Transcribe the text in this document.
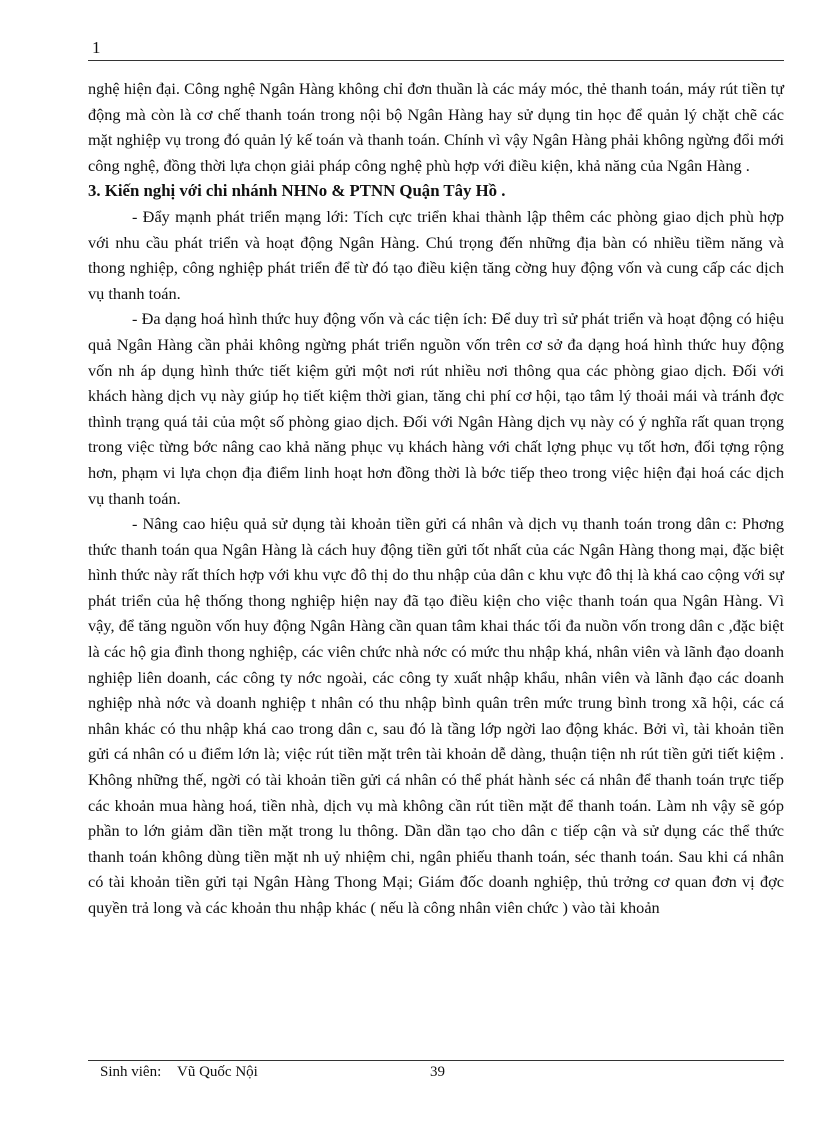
1

nghệ hiện đại. Công nghệ Ngân Hàng không chỉ đơn thuần là các máy móc, thẻ thanh toán, máy rút tiền tự động mà còn là cơ chế thanh toán trong nội bộ Ngân Hàng hay sử dụng tin học để quản lý chặt chẽ các mặt nghiệp vụ trong đó quản lý kế toán và thanh toán. Chính vì vậy Ngân Hàng phải không ngừng đổi mới công nghệ, đồng thời lựa chọn giải pháp công nghệ phù hợp với điều kiện, khả năng của Ngân Hàng .

3. Kiến nghị với chi nhánh NHNo & PTNN Quận Tây Hồ .

- Đẩy mạnh phát triển mạng lới: Tích cực triển khai thành lập thêm các phòng giao dịch phù hợp với nhu cầu phát triển và hoạt động Ngân Hàng. Chú trọng đến những địa bàn có nhiều tiềm năng và thong nghiệp, công nghiệp phát triển để từ đó tạo điều kiện tăng cờng huy động vốn và cung cấp các dịch vụ thanh toán.

- Đa dạng hoá hình thức huy động vốn và các tiện ích: Để duy trì sử phát triển và hoạt động có hiệu quả Ngân Hàng cần phải không ngừng phát triển nguồn vốn trên cơ sở đa dạng hoá hình thức huy động vốn nh áp dụng hình thức tiết kiệm gửi một nơi rút nhiều nơi thông qua các phòng giao dịch. Đối với khách hàng dịch vụ này giúp họ tiết kiệm thời gian, tăng chi phí cơ hội, tạo tâm lý thoải mái và tránh đợc thình trạng quá tải của một số phòng giao dịch. Đối với Ngân Hàng dịch vụ này có ý nghĩa rất quan trọng trong việc từng bớc nâng cao khả năng phục vụ khách hàng với chất lợng phục vụ tốt hơn, đối tợng rộng hơn, phạm vi lựa chọn địa điểm linh hoạt hơn đồng thời là bớc tiếp theo trong việc hiện đại hoá các dịch vụ thanh toán.

- Nâng cao hiệu quả sử dụng tài khoản tiền gửi cá nhân và dịch vụ thanh toán trong dân c: Phơng thức thanh toán qua Ngân Hàng là cách huy động tiền gửi tốt nhất của các Ngân Hàng thong mại, đặc biệt hình thức này rất thích hợp với khu vực đô thị do thu nhập của dân c khu vực đô thị là khá cao cộng với sự phát triển của hệ thống thong nghiệp hiện nay đã tạo điều kiện cho việc thanh toán qua Ngân Hàng. Vì vậy, để tăng nguồn vốn huy động Ngân Hàng cần quan tâm khai thác tối đa nuồn vốn trong dân c ,đặc biệt là các hộ gia đình thong nghiệp, các viên chức nhà nớc có mức thu nhập khá, nhân viên và lãnh đạo doanh nghiệp liên doanh, các công ty nớc ngoài, các công ty xuất nhập khẩu, nhân viên và lãnh đạo các doanh nghiệp nhà nớc và doanh nghiệp t nhân có thu nhập bình quân trên mức trung bình trong xã hội, các cá nhân khác có thu nhập khá cao trong dân c, sau đó là tầng lớp ngời lao động khác. Bởi vì, tài khoản tiền gửi cá nhân có u điểm lớn là; việc rút tiền mặt trên tài khoản dễ dàng, thuận tiện nh rút tiền gửi tiết kiệm . Không những thế, ngời có tài khoản tiền gửi cá nhân có thể phát hành séc cá nhân để thanh toán trực tiếp các khoản mua hàng hoá, tiền nhà, dịch vụ mà không cần rút tiền mặt để thanh toán. Làm nh vậy sẽ góp phần to lớn giảm dần tiền mặt trong lu thông. Dần dần tạo cho dân c tiếp cận và sử dụng các thể thức thanh toán không dùng tiền mặt nh uỷ nhiệm chi, ngân phiếu thanh toán, séc thanh toán. Sau khi cá nhân có tài khoản tiền gửi tại Ngân Hàng Thong Mại; Giám đốc doanh nghiệp, thủ trởng cơ quan đơn vị đợc quyền trả long và các khoản thu nhập khác ( nếu là công nhân viên chức ) vào tài khoản

Sinh viên: Vũ Quốc Nội	39
